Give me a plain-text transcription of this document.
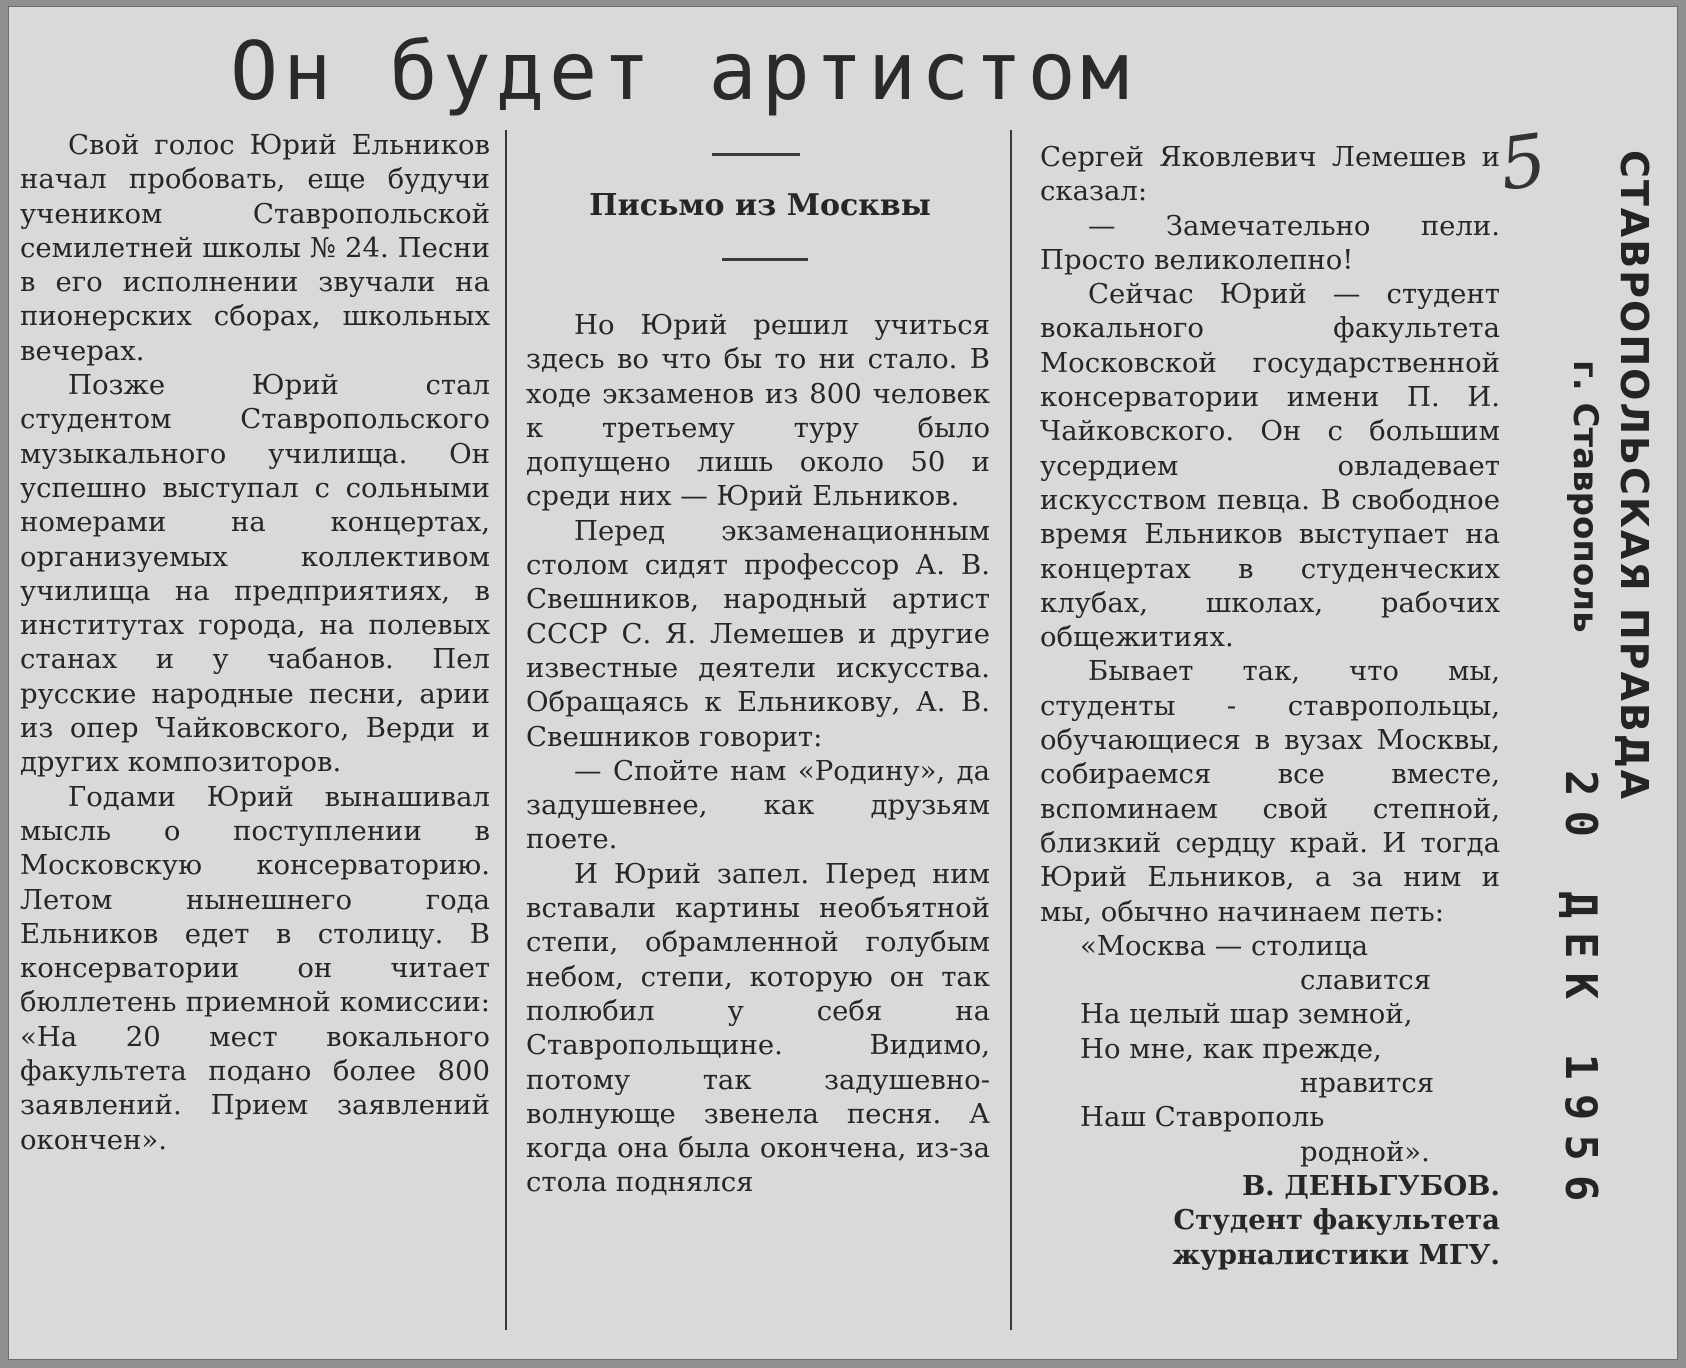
Он будет артистом
Письмо из Москвы

Свой голос Юрий Ельников начал пробовать, еще будучи учеником Ставропольской семилетней школы № 24. Песни в его исполнении звучали на пионерских сборах, школьных вечерах.

Позже Юрий стал студентом Ставропольского музыкального училища. Он успешно выступал с сольными номерами на концертах, организуемых коллективом училища на предприятиях, в институтах города, на полевых станах и у чабанов. Пел русские народные песни, арии из опер Чайковского, Верди и других композиторов.

Годами Юрий вынашивал мысль о поступлении в Московскую консерваторию. Летом нынешнего года Ельников едет в столицу. В консерватории он читает бюллетень приемной комиссии: «На 20 мест вокального факультета подано более 800 заявлений. Прием заявлений окончен».

Но Юрий решил учиться здесь во что бы то ни стало. В ходе экзаменов из 800 человек к третьему туру было допущено лишь около 50 и среди них — Юрий Ельников.

Перед экзаменационным столом сидят профессор А. В. Свешников, народный артист СССР С. Я. Лемешев и другие известные деятели искусства. Обращаясь к Ельникову, А. В. Свешников говорит:

— Спойте нам «Родину», да задушевнее, как друзьям поете.

И Юрий запел. Перед ним вставали картины необъятной степи, обрамленной голубым небом, степи, которую он так полюбил у себя на Ставропольщине. Видимо, потому так задушевно-волнующе звенела песня. А когда она была окончена, из-за стола поднялся

Сергей Яковлевич Лемешев и сказал:

— Замечательно пели. Просто великолепно!

Сейчас Юрий — студент вокального факультета Московской государственной консерватории имени П. И. Чайковского. Он с большим усердием овладевает искусством певца. В свободное время Ельников выступает на концертах в студенческих клубах, школах, рабочих общежитиях.

Бывает так, что мы, студенты - ставропольцы, обучающиеся в вузах Москвы, собираемся все вместе, вспоминаем свой степной, близкий сердцу край. И тогда Юрий Ельников, а за ним и мы, обычно начинаем петь:

«Москва — столица
славится
На целый шар земной,
Но мне, как прежде,
нравится
Наш Ставрополь
родной».

В. ДЕНЬГУБОВ.

Студент факультета

журналистики МГУ.

5 СТАВРОПОЛЬСКАЯ ПРАВДА

г. Ставрополь

20 ДЕК 1956
